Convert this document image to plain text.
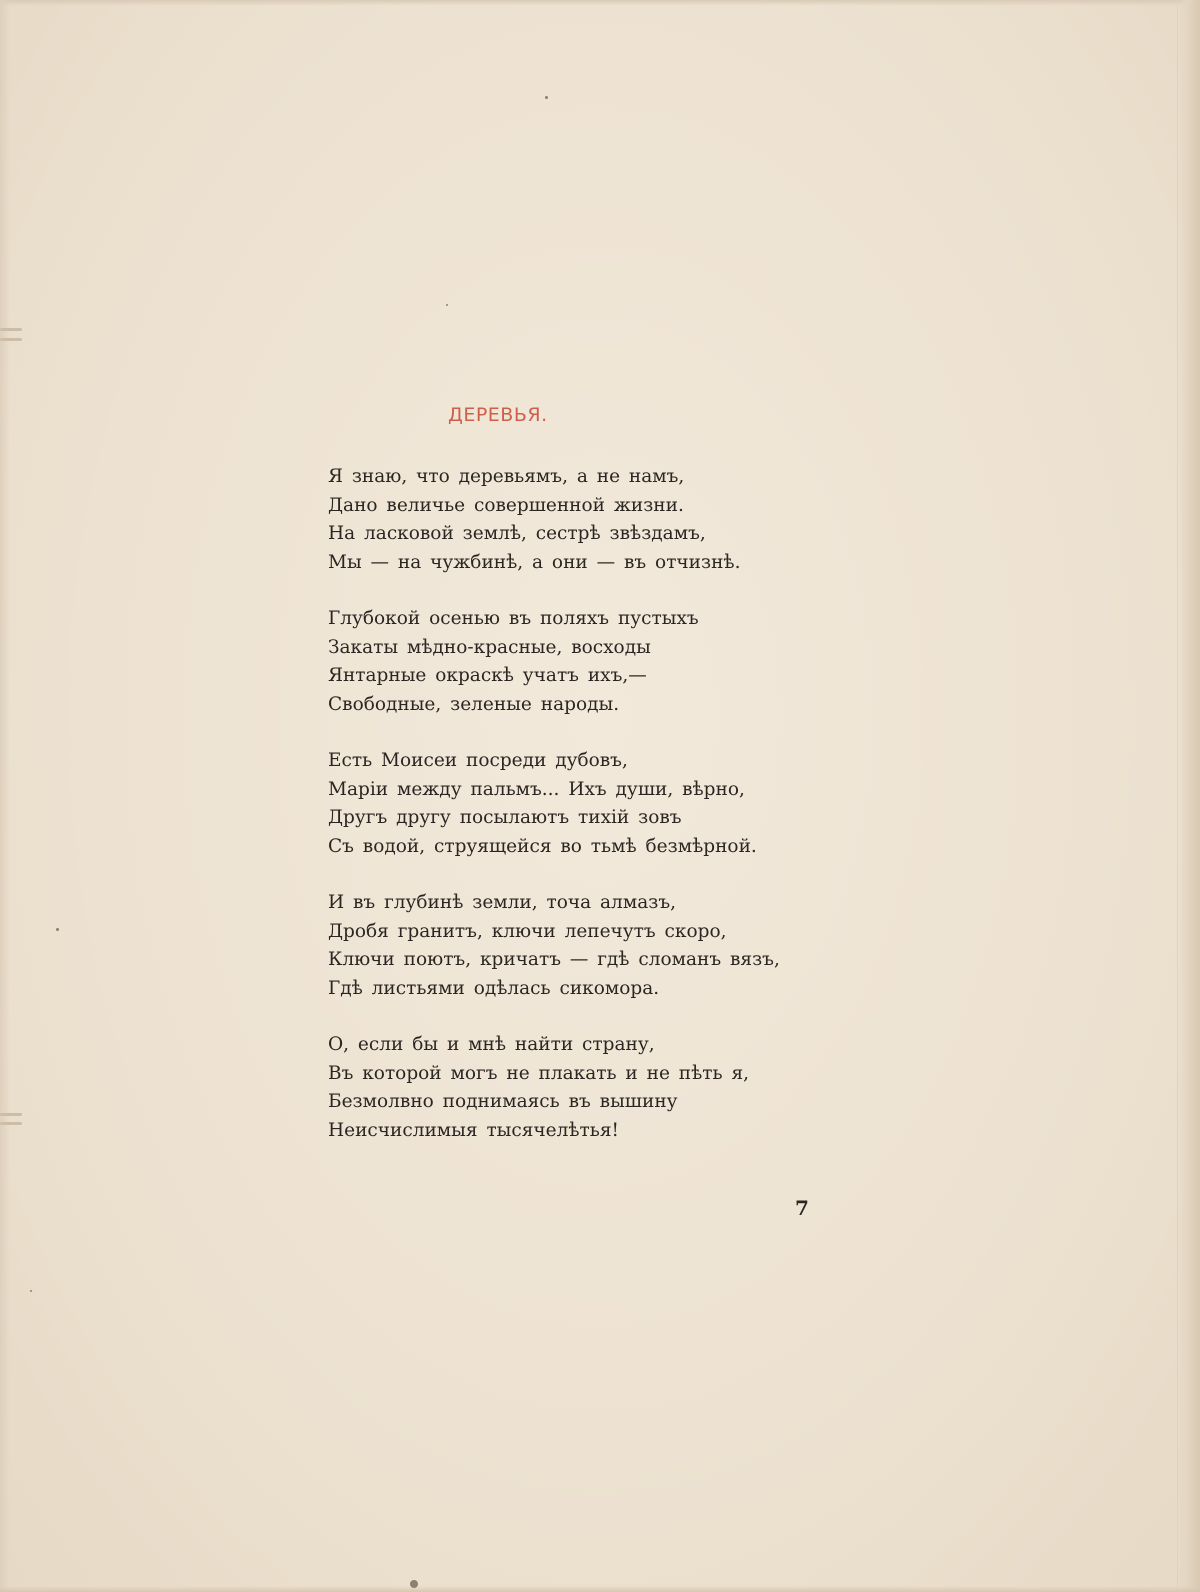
ДЕРЕВЬЯ.
Я знаю, что деревьямъ, а не намъ,
Дано величье совершенной жизни.
На ласковой землѣ, сестрѣ звѣздамъ,
Мы — на чужбинѣ, а они — въ отчизнѣ.
Глубокой осенью въ поляхъ пустыхъ
Закаты мѣдно-красные, восходы
Янтарные окраскѣ учатъ ихъ,—
Свободные, зеленые народы.
Есть Моисеи посреди дубовъ,
Марiи между пальмъ... Ихъ души, вѣрно,
Другъ другу посылаютъ тихiй зовъ
Съ водой, струящейся во тьмѣ безмѣрной.
И въ глубинѣ земли, точа алмазъ,
Дробя гранитъ, ключи лепечутъ скоро,
Ключи поютъ, кричатъ — гдѣ сломанъ вязъ,
Гдѣ листьями одѣлась сикомора.
О, если бы и мнѣ найти страну,
Въ которой могъ не плакать и не пѣть я,
Безмолвно поднимаясь въ вышину
Неисчислимыя тысячелѣтья!

7
